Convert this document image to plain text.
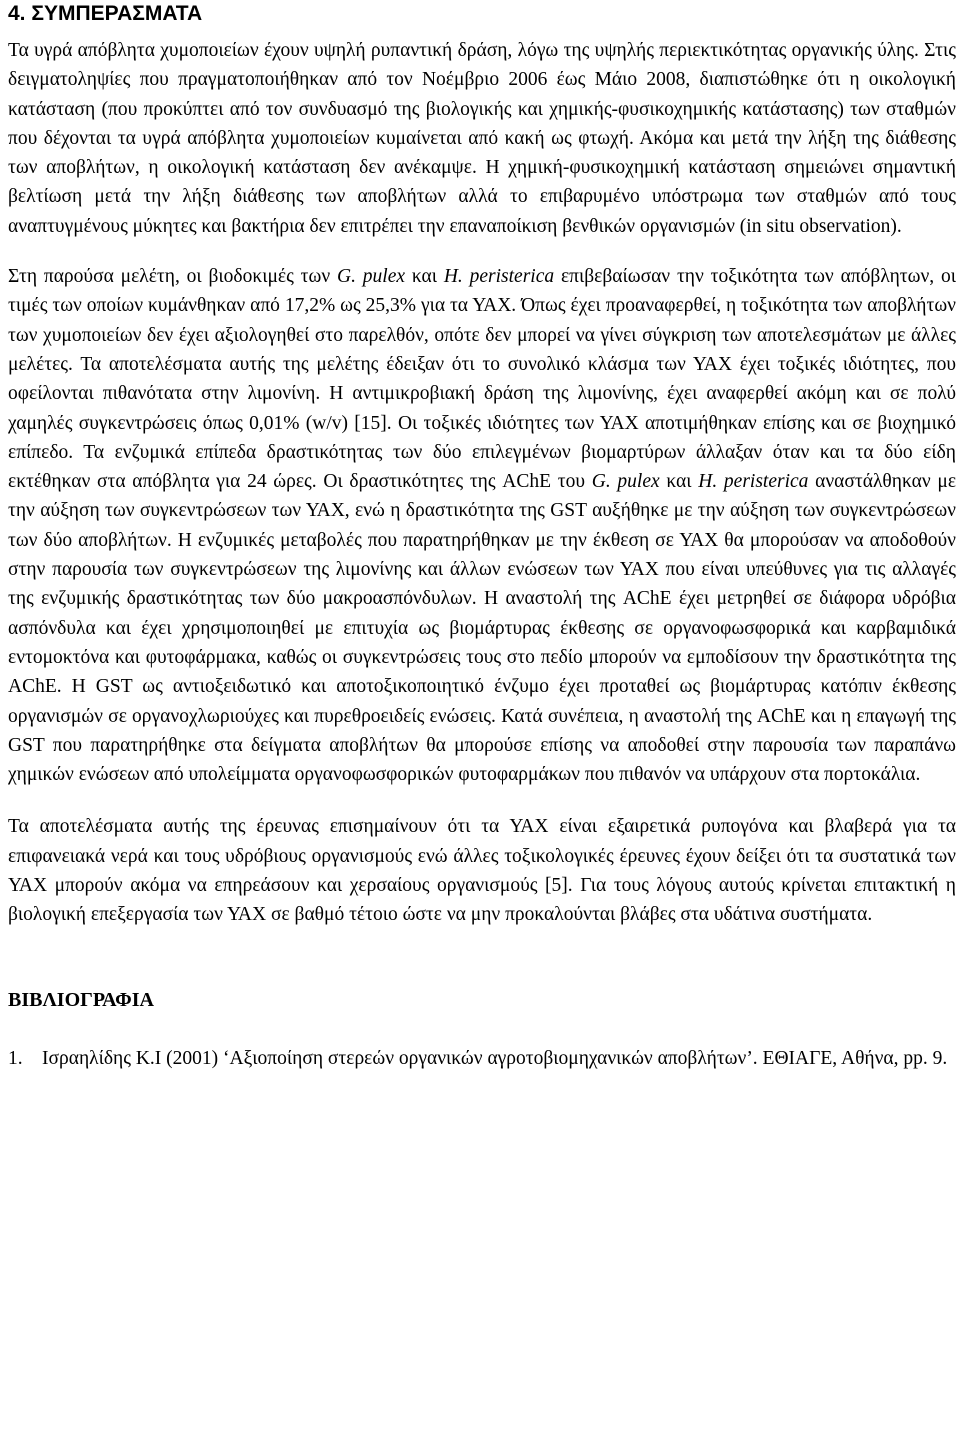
4. ΣΥΜΠΕΡΑΣΜΑΤΑ

Τα υγρά απόβλητα χυμοποιείων έχουν υψηλή ρυπαντική δράση, λόγω της υψηλής περιεκτικότητας οργανικής ύλης. Στις δειγματοληψίες που πραγματοποιήθηκαν από τον Νοέμβριο 2006 έως Μάιο 2008, διαπιστώθηκε ότι η οικολογική κατάσταση (που προκύπτει από τον συνδυασμό της βιολογικής και χημικής-φυσικοχημικής κατάστασης) των σταθμών που δέχονται τα υγρά απόβλητα χυμοποιείων κυμαίνεται από κακή ως φτωχή. Ακόμα και μετά την λήξη της διάθεσης των αποβλήτων, η οικολογική κατάσταση δεν ανέκαμψε. Η χημική-φυσικοχημική κατάσταση σημειώνει σημαντική βελτίωση μετά την λήξη διάθεσης των αποβλήτων αλλά το επιβαρυμένο υπόστρωμα των σταθμών από τους αναπτυγμένους μύκητες και βακτήρια δεν επιτρέπει την επαναποίκιση βενθικών οργανισμών (in situ observation).

Στη παρούσα μελέτη, οι βιοδοκιμές των G. pulex και H. peristerica επιβεβαίωσαν την τοξικότητα των απόβλητων, οι τιμές των οποίων κυμάνθηκαν από 17,2% ως 25,3% για τα ΥΑΧ. Όπως έχει προαναφερθεί, η τοξικότητα των αποβλήτων των χυμοποιείων δεν έχει αξιολογηθεί στο παρελθόν, οπότε δεν μπορεί να γίνει σύγκριση των αποτελεσμάτων με άλλες μελέτες. Τα αποτελέσματα αυτής της μελέτης έδειξαν ότι το συνολικό κλάσμα των ΥΑΧ έχει τοξικές ιδιότητες, που οφείλονται πιθανότατα στην λιμονίνη. Η αντιμικροβιακή δράση της λιμονίνης, έχει αναφερθεί ακόμη και σε πολύ χαμηλές συγκεντρώσεις όπως 0,01% (w/v) [15]. Οι τοξικές ιδιότητες των ΥΑΧ αποτιμήθηκαν επίσης και σε βιοχημικό επίπεδο. Τα ενζυμικά επίπεδα δραστικότητας των δύο επιλεγμένων βιομαρτύρων άλλαξαν όταν και τα δύο είδη εκτέθηκαν στα απόβλητα για 24 ώρες. Οι δραστικότητες της AChE του G. pulex και H. peristerica αναστάλθηκαν με την αύξηση των συγκεντρώσεων των ΥΑΧ, ενώ η δραστικότητα της GST αυξήθηκε με την αύξηση των συγκεντρώσεων των δύο αποβλήτων. Η ενζυμικές μεταβολές που παρατηρήθηκαν με την έκθεση σε ΥΑΧ θα μπορούσαν να αποδοθούν στην παρουσία των συγκεντρώσεων της λιμονίνης και άλλων ενώσεων των ΥΑΧ που είναι υπεύθυνες για τις αλλαγές της ενζυμικής δραστικότητας των δύο μακροασπόνδυλων. Η αναστολή της AChE έχει μετρηθεί σε διάφορα υδρόβια ασπόνδυλα και έχει χρησιμοποιηθεί με επιτυχία ως βιομάρτυρας έκθεσης σε οργανοφωσφορικά και καρβαμιδικά εντομοκτόνα και φυτοφάρμακα, καθώς οι συγκεντρώσεις τους στο πεδίο μπορούν να εμποδίσουν την δραστικότητα της AChE. Η GST ως αντιοξειδωτικό και αποτοξικοποιητικό ένζυμο έχει προταθεί ως βιομάρτυρας κατόπιν έκθεσης οργανισμών σε οργανοχλωριούχες και πυρεθροειδείς ενώσεις. Κατά συνέπεια, η αναστολή της AChE και η επαγωγή της GST που παρατηρήθηκε στα δείγματα αποβλήτων θα μπορούσε επίσης να αποδοθεί στην παρουσία των παραπάνω χημικών ενώσεων από υπολείμματα οργανοφωσφορικών φυτοφαρμάκων που πιθανόν να υπάρχουν στα πορτοκάλια.

Τα αποτελέσματα αυτής της έρευνας επισημαίνουν ότι τα ΥΑΧ είναι εξαιρετικά ρυπογόνα και βλαβερά για τα επιφανειακά νερά και τους υδρόβιους οργανισμούς ενώ άλλες τοξικολογικές έρευνες έχουν δείξει ότι τα συστατικά των ΥΑΧ μπορούν ακόμα να επηρεάσουν και χερσαίους οργανισμούς [5]. Για τους λόγους αυτούς κρίνεται επιτακτική η βιολογική επεξεργασία των ΥΑΧ σε βαθμό τέτοιο ώστε να μην προκαλούνται βλάβες στα υδάτινα συστήματα.

ΒΙΒΛΙΟΓΡΑΦΙΑ
1. Ισραηλίδης Κ.Ι (2001) ‘Αξιοποίηση στερεών οργανικών αγροτοβιομηχανικών αποβλήτων’. ΕΘΙΑΓΕ, Αθήνα, pp. 9.
